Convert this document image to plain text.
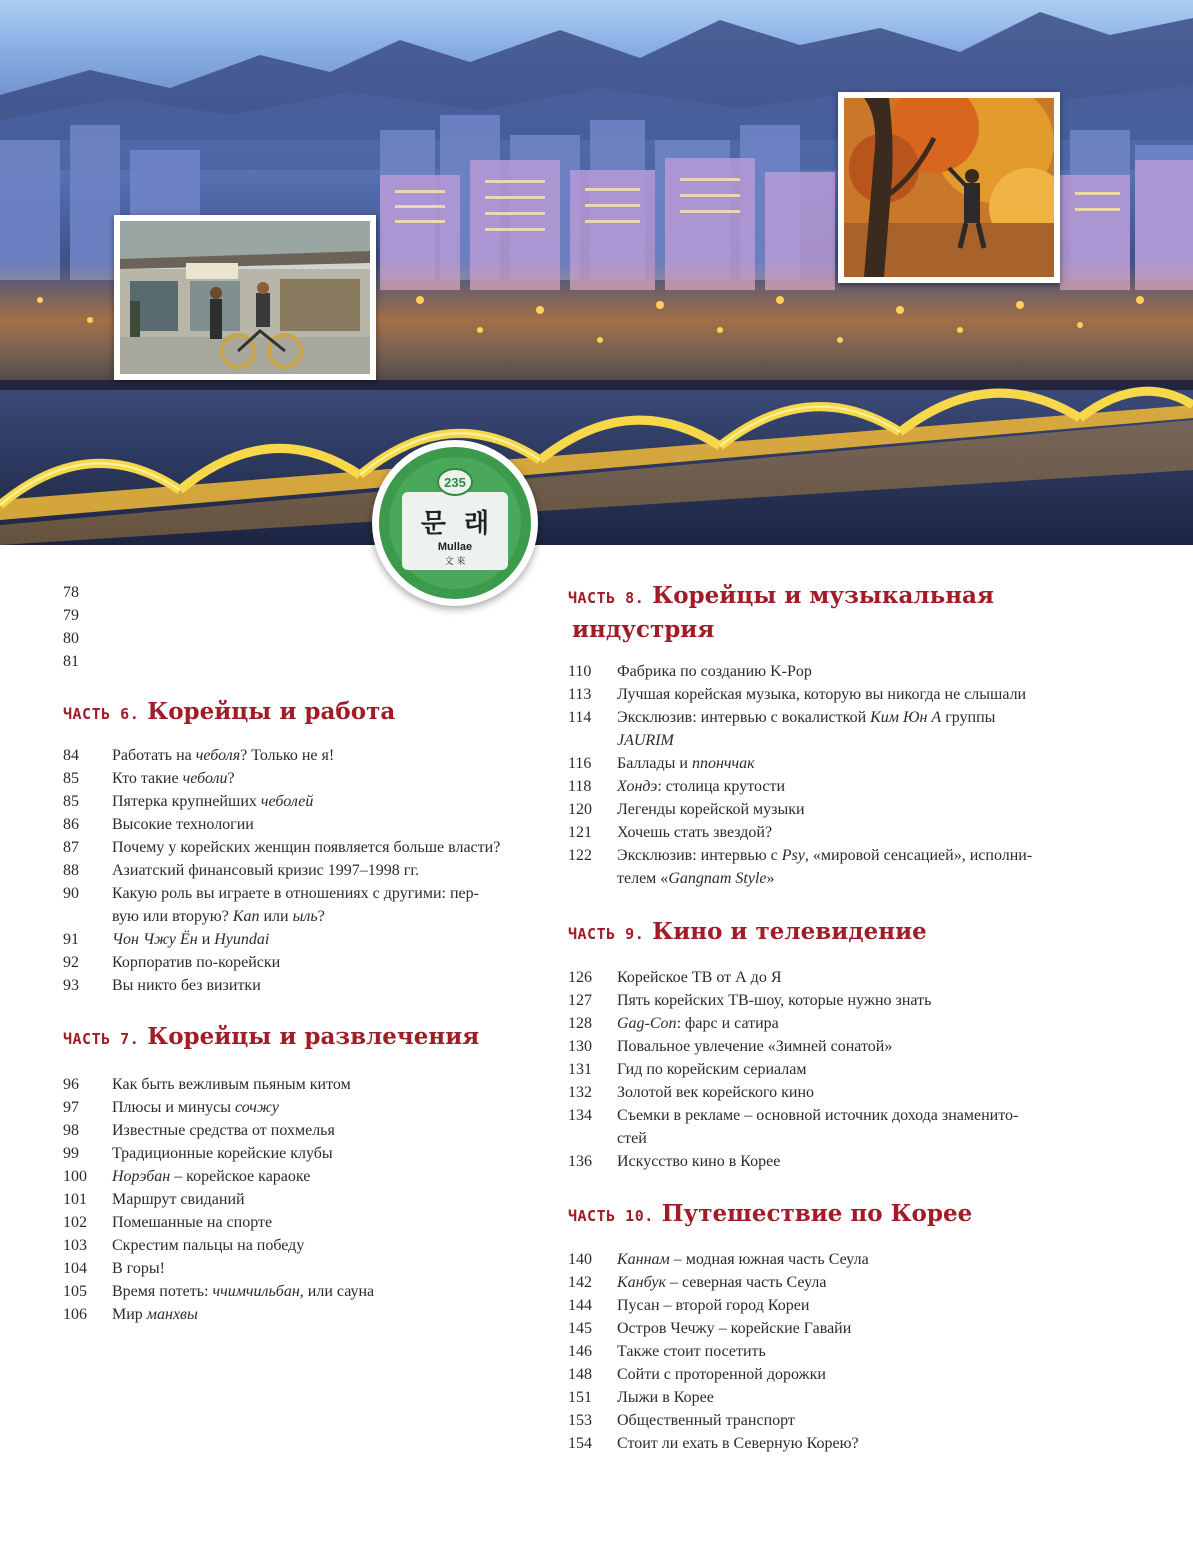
235
문  래
Mullae
文 來
78
79
80
81
ЧАСТЬ 6. Корейцы и работа
84	Работать на чеболя? Только не я!
85	Кто такие чеболи?
85	Пятерка крупнейших чеболей
86	Высокие технологии
87	Почему у корейских женщин появляется больше власти?
88	Азиатский финансовый кризис 1997–1998 гг.
90	Какую роль вы играете в отношениях с другими: пер-
вую или вторую? Кап или ыль?
91	Чон Чжу Ён и Hyundai
92	Корпоратив по-корейски
93	Вы никто без визитки
ЧАСТЬ 7. Корейцы и развлечения
96	Как быть вежливым пьяным китом
97	Плюсы и минусы сочжу
98	Известные средства от похмелья
99	Традиционные корейские клубы
100	Норэбан – корейское караоке
101	Маршрут свиданий
102	Помешанные на спорте
103	Скрестим пальцы на победу
104	В горы!
105	Время потеть: ччимчильбан, или сауна
106	Мир манхвы
ЧАСТЬ 8. Корейцы и музыкальная
индустрия
110	Фабрика по созданию K-Pop
113	Лучшая корейская музыка, которую вы никогда не слышали
114	Эксклюзив: интервью с вокалисткой Ким Юн А группы
JAURIM
116	Баллады и ппонччак
118	Хондэ: столица крутости
120	Легенды корейской музыки
121	Хочешь стать звездой?
122	Эксклюзив: интервью с Psy, «мировой сенсацией», исполни-
телем «Gangnam Style»
ЧАСТЬ 9. Кино и телевидение
126	Корейское ТВ от А до Я
127	Пять корейских ТВ-шоу, которые нужно знать
128	Gag-Con: фарс и сатира
130	Повальное увлечение «Зимней сонатой»
131	Гид по корейским сериалам
132	Золотой век корейского кино
134	Съемки в рекламе – основной источник дохода знаменито-
стей
136	Искусство кино в Корее
ЧАСТЬ 10. Путешествие по Корее
140	Каннам – модная южная часть Сеула
142	Канбук – северная часть Сеула
144	Пусан – второй город Кореи
145	Остров Чечжу – корейские Гавайи
146	Также стоит посетить
148	Сойти с проторенной дорожки
151	Лыжи в Корее
153	Общественный транспорт
154	Стоит ли ехать в Северную Корею?
